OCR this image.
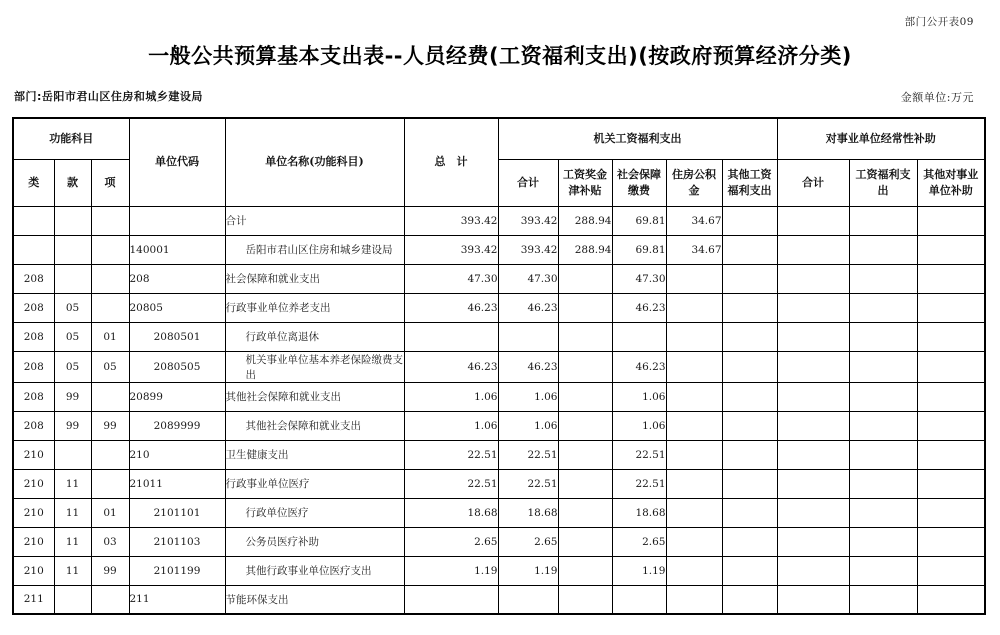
部门公开表09
一般公共预算基本支出表--人员经费(工资福利支出)(按政府预算经济分类)
部门:岳阳市君山区住房和城乡建设局	金额单位:万元
功能科目			单位代码	单位名称(功能科目)	总　计	机关工资福利支出					对事业单位经常性补助		
类	款	项				合计	工资奖金津补贴	社会保障缴费	住房公积金	其他工资福利支出	合计	工资福利支出	其他对事业单位补助
				合计	393.42	393.42	288.94	69.81	34.67				
			140001	岳阳市君山区住房和城乡建设局	393.42	393.42	288.94	69.81	34.67				
208			208	社会保障和就业支出	47.30	47.30		47.30					
208	05		20805	行政事业单位养老支出	46.23	46.23		46.23					
208	05	01	2080501	行政单位离退休									
208	05	05	2080505	机关事业单位基本养老保险缴费支出	46.23	46.23		46.23					
208	99		20899	其他社会保障和就业支出	1.06	1.06		1.06					
208	99	99	2089999	其他社会保障和就业支出	1.06	1.06		1.06					
210			210	卫生健康支出	22.51	22.51		22.51					
210	11		21011	行政事业单位医疗	22.51	22.51		22.51					
210	11	01	2101101	行政单位医疗	18.68	18.68		18.68					
210	11	03	2101103	公务员医疗补助	2.65	2.65		2.65					
210	11	99	2101199	其他行政事业单位医疗支出	1.19	1.19		1.19					
211			211	节能环保支出									
